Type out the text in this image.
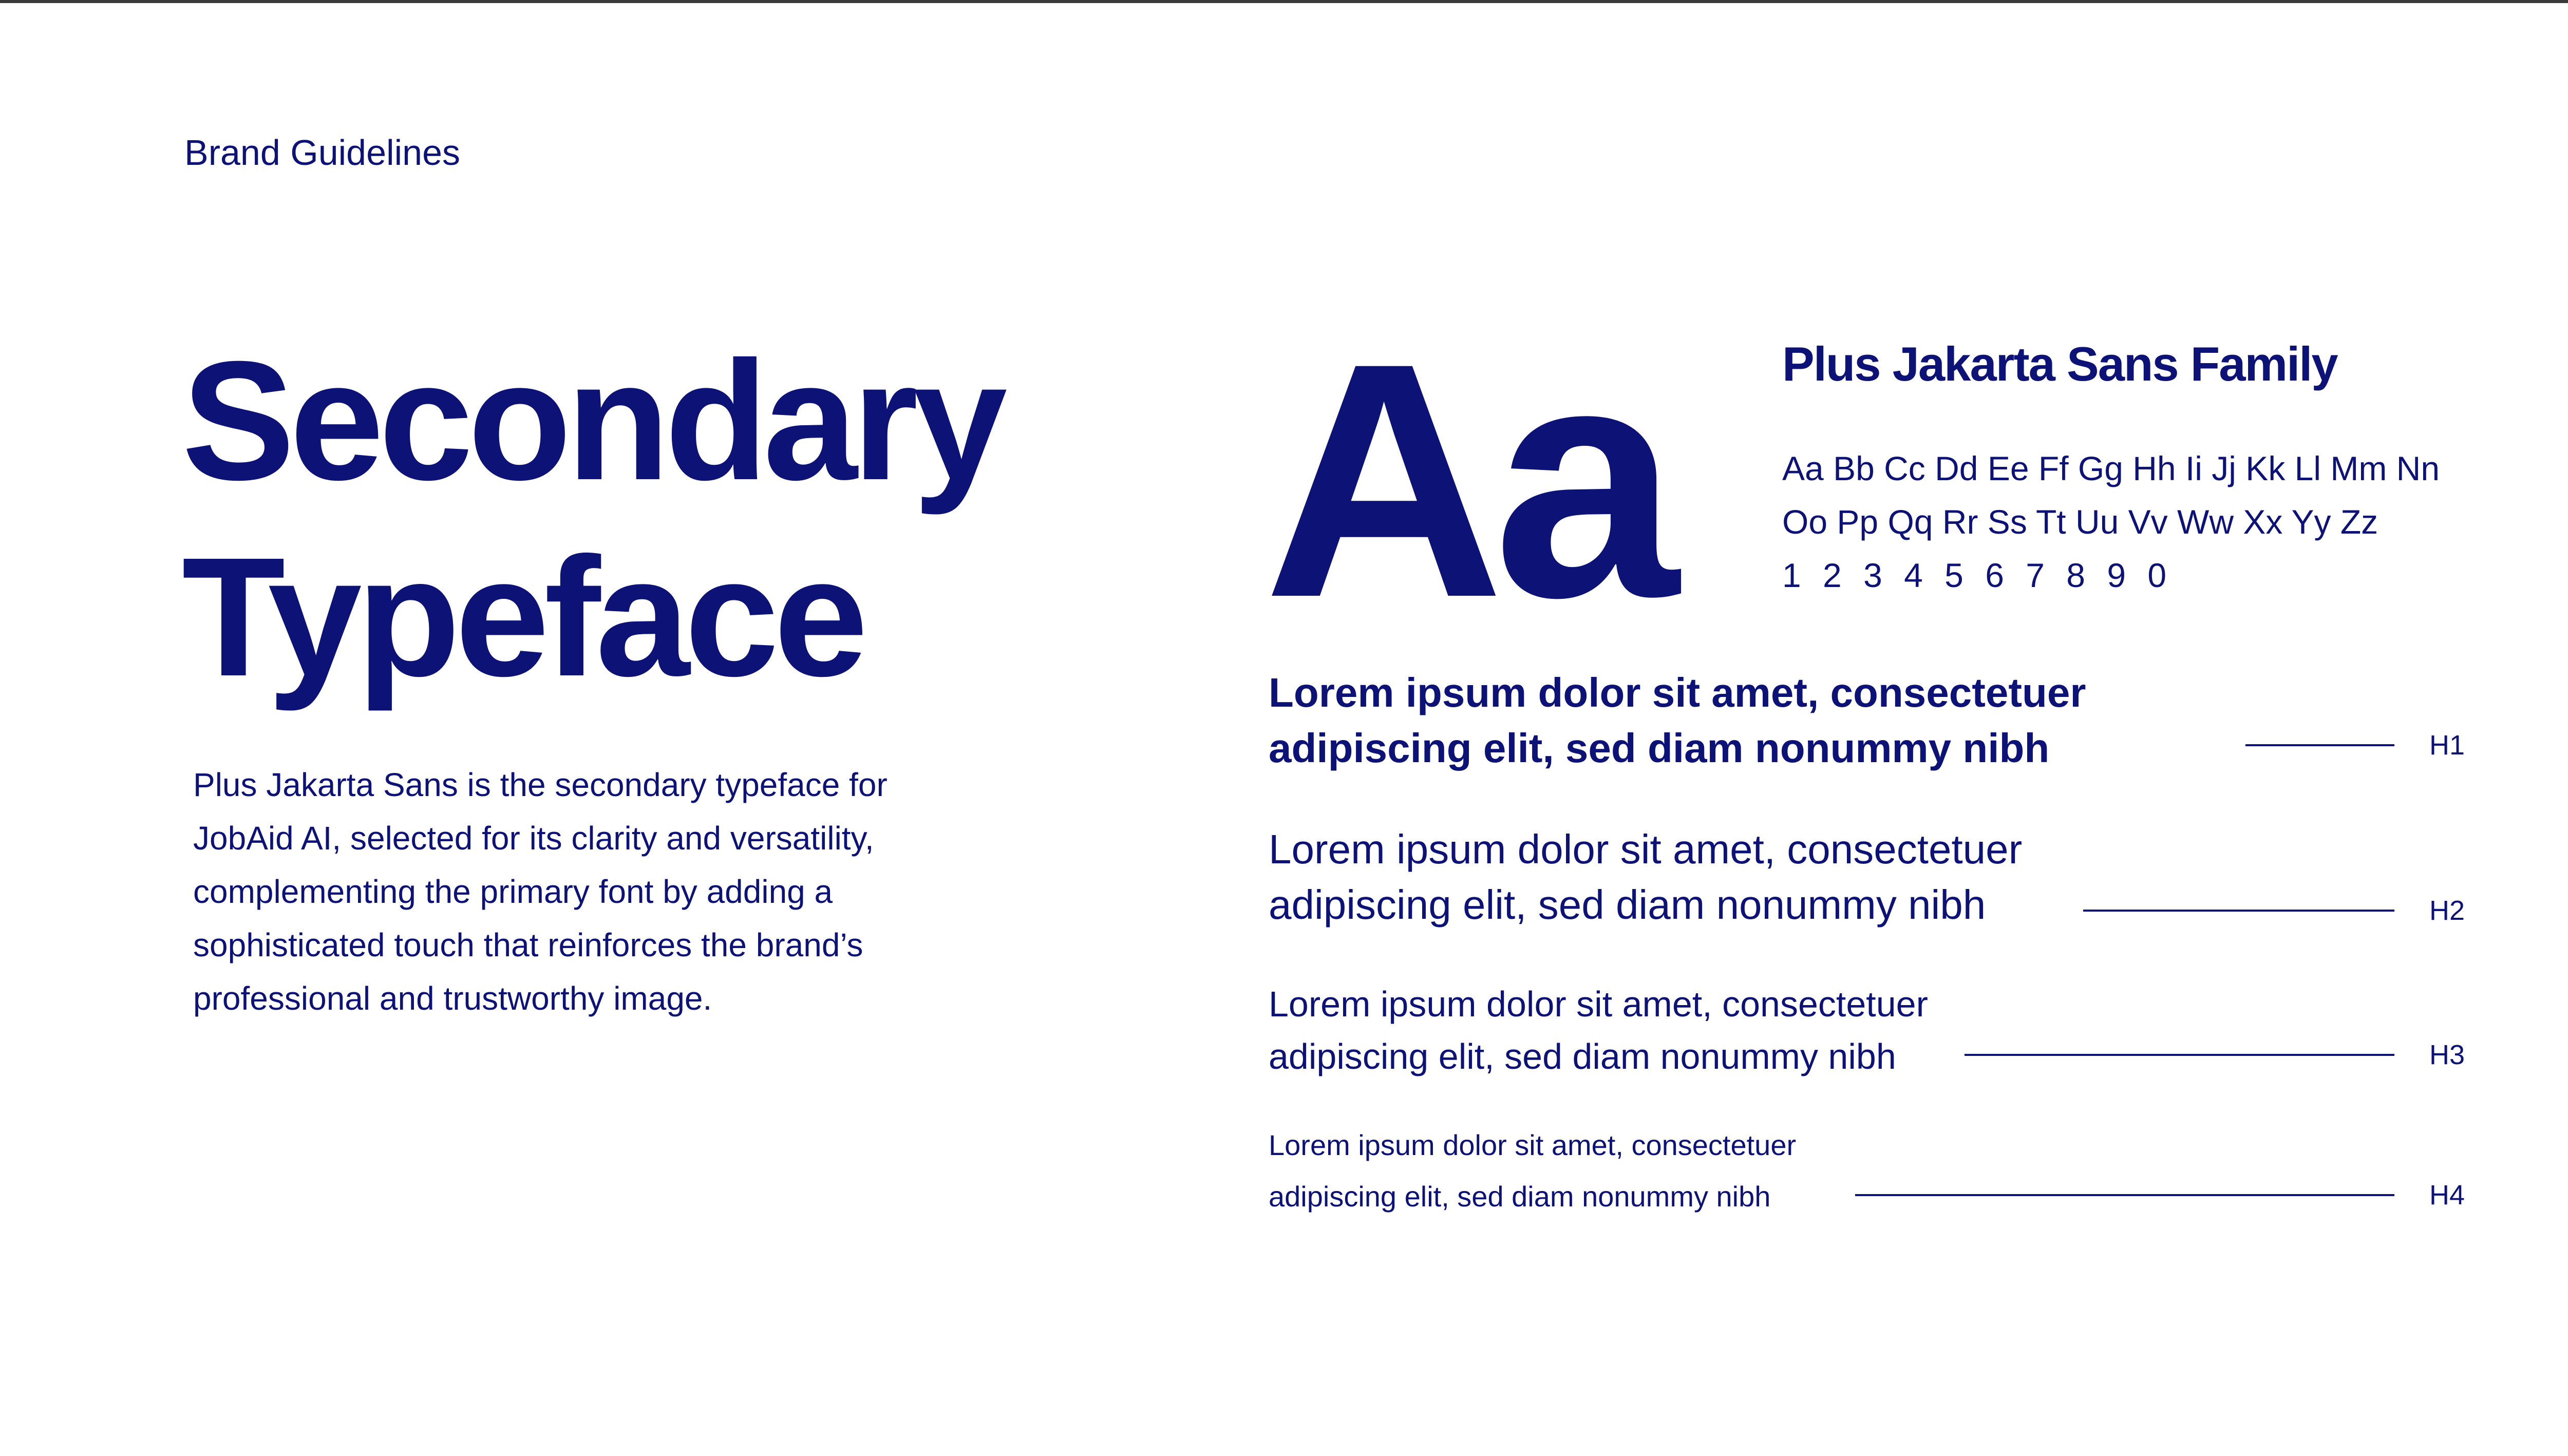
Brand Guidelines
Secondary
Typeface

Plus Jakarta Sans is the secondary typeface for JobAid AI, selected for its clarity and versatility, complementing the primary font by adding a sophisticated touch that reinforces the brand’s professional and trustworthy image.

Aa Plus Jakarta Sans Family
Aa Bb Cc Dd Ee Ff Gg Hh Ii Jj Kk Ll Mm Nn
Oo Pp Qq Rr Ss Tt Uu Vv Ww Xx Yy Zz
1 2 3 4 5 6 7 8 9 0
Lorem ipsum dolor sit amet, consectetuer
adipiscing elit, sed diam nonummy nibh	H1
Lorem ipsum dolor sit amet, consectetuer
adipiscing elit, sed diam nonummy nibh	H2
Lorem ipsum dolor sit amet, consectetuer
adipiscing elit, sed diam nonummy nibh	H3
Lorem ipsum dolor sit amet, consectetuer
adipiscing elit, sed diam nonummy nibh	H4
